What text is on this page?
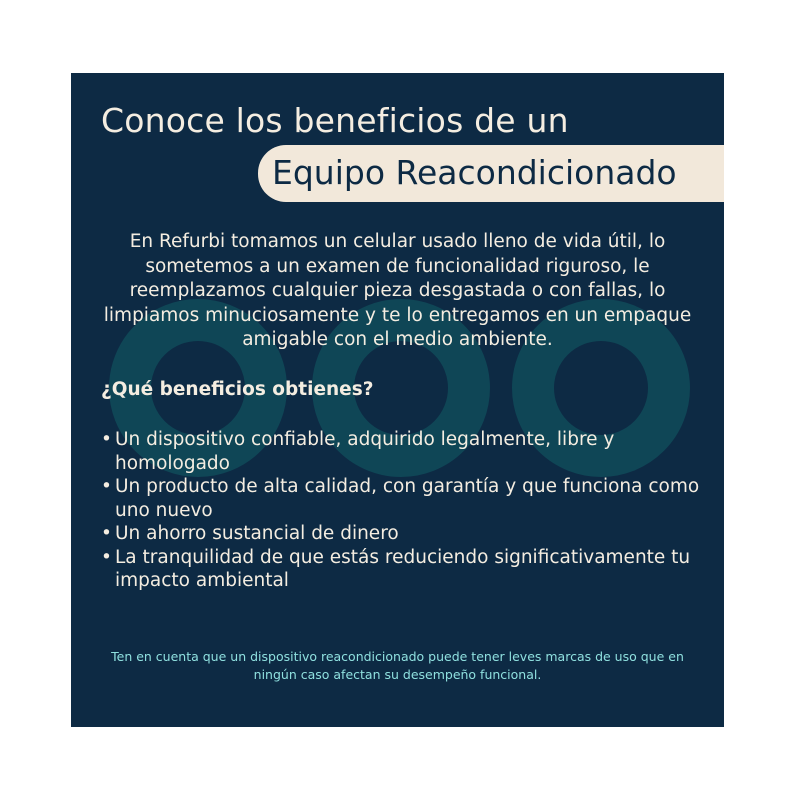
Conoce los beneficios de un
Equipo Reacondicionado
En Refurbi tomamos un celular usado lleno de vida útil, lo sometemos a un examen de funcionalidad riguroso, le reemplazamos cualquier pieza desgastada o con fallas, lo limpiamos minuciosamente y te lo entregamos en un empaque amigable con el medio ambiente.
¿Qué beneficios obtienes?
• Un dispositivo confiable, adquirido legalmente, libre y homologado
• Un producto de alta calidad, con garantía y que funciona como uno nuevo
• Un ahorro sustancial de dinero
• La tranquilidad de que estás reduciendo significativamente tu impacto ambiental
Ten en cuenta que un dispositivo reacondicionado puede tener leves marcas de uso que en ningún caso afectan su desempeño funcional.
